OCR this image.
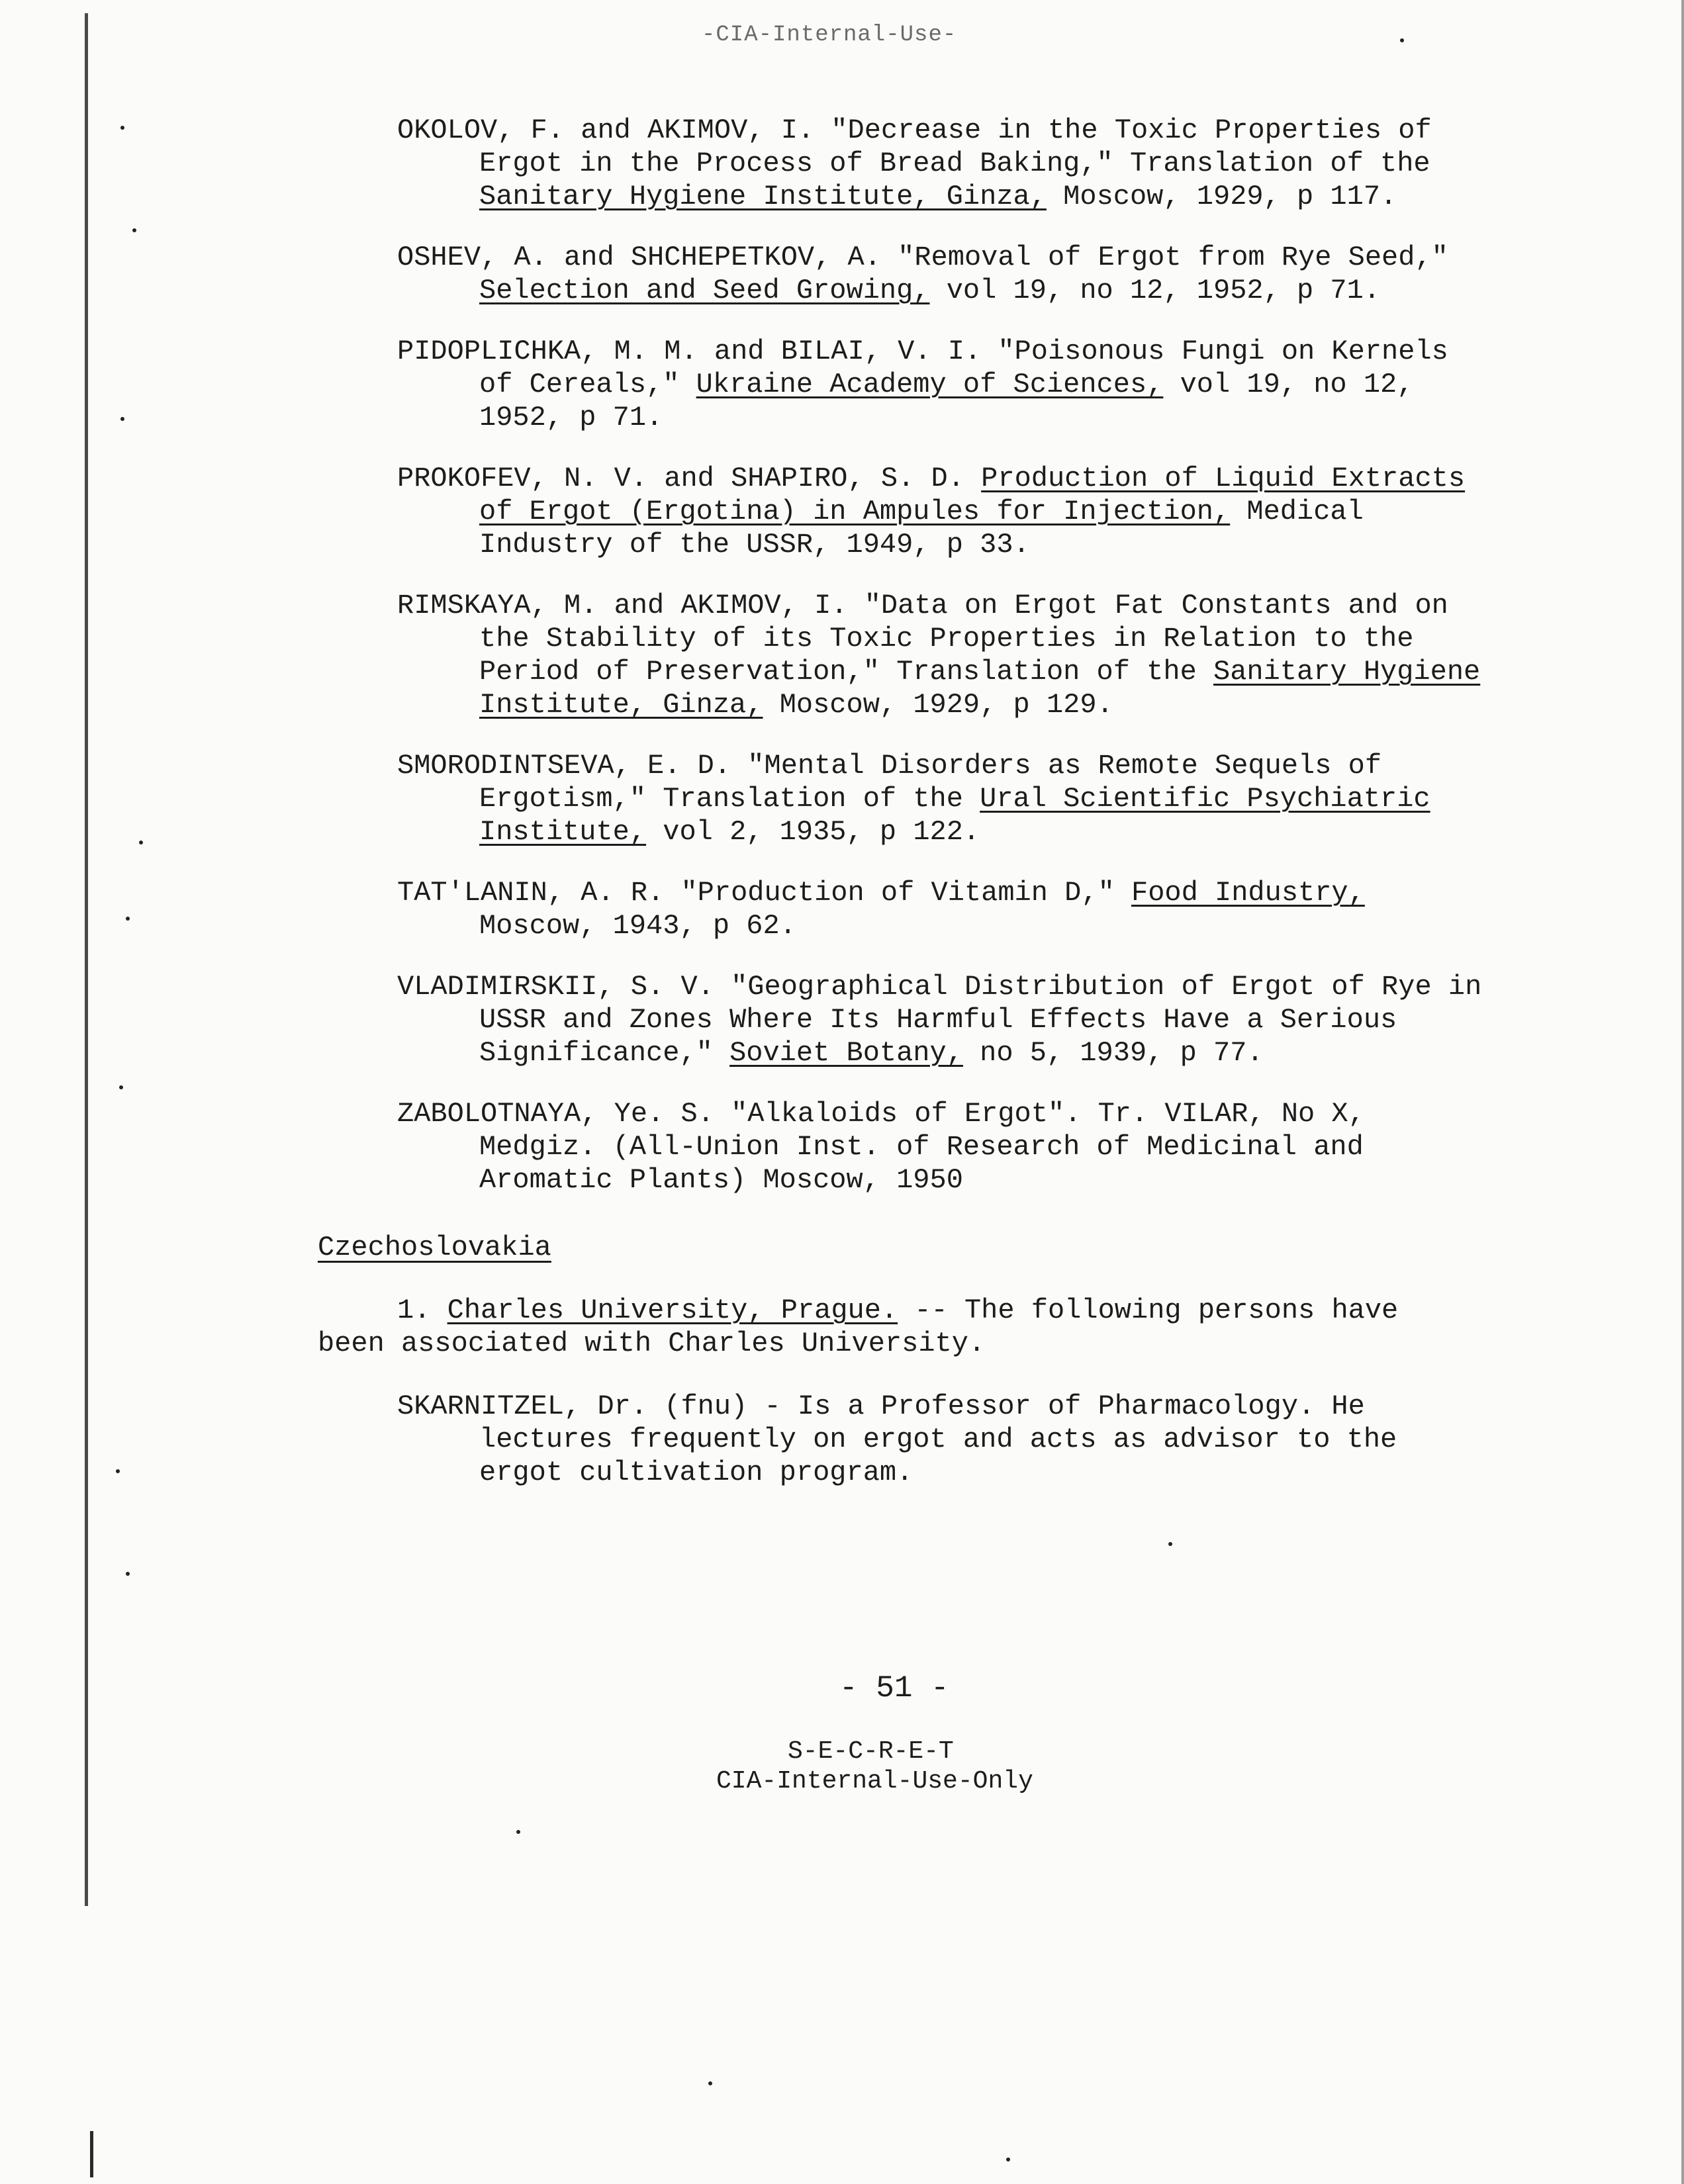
-CIA-Internal-Use-
OKOLOV, F. and AKIMOV, I. "Decrease in the Toxic Properties of Ergot in the Process of Bread Baking," Translation of the Sanitary Hygiene Institute, Ginza, Moscow, 1929, p 117.
OSHEV, A. and SHCHEPETKOV, A. "Removal of Ergot from Rye Seed," Selection and Seed Growing, vol 19, no 12, 1952, p 71.
PIDOPLICHKA, M. M. and BILAI, V. I. "Poisonous Fungi on Kernels of Cereals," Ukraine Academy of Sciences, vol 19, no 12, 1952, p 71.
PROKOFEV, N. V. and SHAPIRO, S. D. Production of Liquid Extracts of Ergot (Ergotina) in Ampules for Injection, Medical Industry of the USSR, 1949, p 33.
RIMSKAYA, M. and AKIMOV, I. "Data on Ergot Fat Constants and on the Stability of its Toxic Properties in Relation to the Period of Preservation," Translation of the Sanitary Hygiene Institute, Ginza, Moscow, 1929, p 129.
SMORODINTSEVA, E. D. "Mental Disorders as Remote Sequels of Ergotism," Translation of the Ural Scientific Psychiatric Institute, vol 2, 1935, p 122.
TAT'LANIN, A. R. "Production of Vitamin D," Food Industry, Moscow, 1943, p 62.
VLADIMIRSKII, S. V. "Geographical Distribution of Ergot of Rye in USSR and Zones Where Its Harmful Effects Have a Serious Significance," Soviet Botany, no 5, 1939, p 77.
ZABOLOTNAYA, Ye. S. "Alkaloids of Ergot". Tr. VILAR, No X, Medgiz. (All-Union Inst. of Research of Medicinal and Aromatic Plants) Moscow, 1950
Czechoslovakia
1. Charles University, Prague. -- The following persons have been associated with Charles University.
SKARNITZEL, Dr. (fnu) - Is a Professor of Pharmacology. He lectures frequently on ergot and acts as advisor to the ergot cultivation program.
- 51 -
S-E-C-R-E-T
CIA-Internal-Use-Only
